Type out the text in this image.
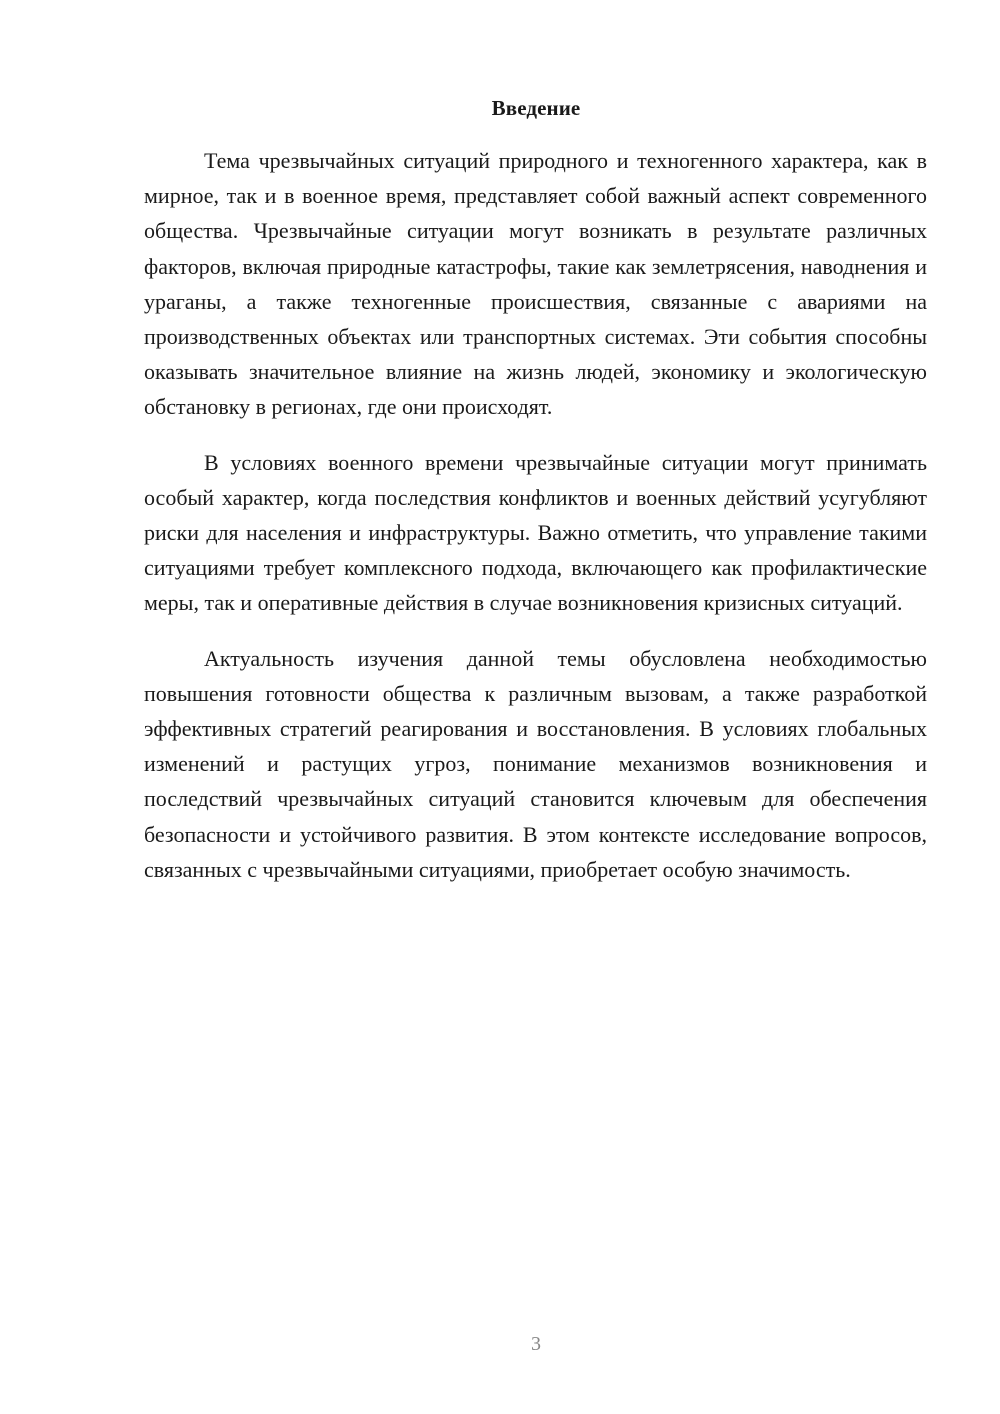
Введение

Тема чрезвычайных ситуаций природного и техногенного характера, как в мирное, так и в военное время, представляет собой важный аспект современного общества. Чрезвычайные ситуации могут возникать в результате различных факторов, включая природные катастрофы, такие как землетрясения, наводнения и ураганы, а также техногенные происшествия, связанные с авариями на производственных объектах или транспортных системах. Эти события способны оказывать значительное влияние на жизнь людей, экономику и экологическую обстановку в регионах, где они происходят.

В условиях военного времени чрезвычайные ситуации могут принимать особый характер, когда последствия конфликтов и военных действий усугубляют риски для населения и инфраструктуры. Важно отметить, что управление такими ситуациями требует комплексного подхода, включающего как профилактические меры, так и оперативные действия в случае возникновения кризисных ситуаций.

Актуальность изучения данной темы обусловлена необходимостью повышения готовности общества к различным вызовам, а также разработкой эффективных стратегий реагирования и восстановления. В условиях глобальных изменений и растущих угроз, понимание механизмов возникновения и последствий чрезвычайных ситуаций становится ключевым для обеспечения безопасности и устойчивого развития. В этом контексте исследование вопросов, связанных с чрезвычайными ситуациями, приобретает особую значимость.

3
